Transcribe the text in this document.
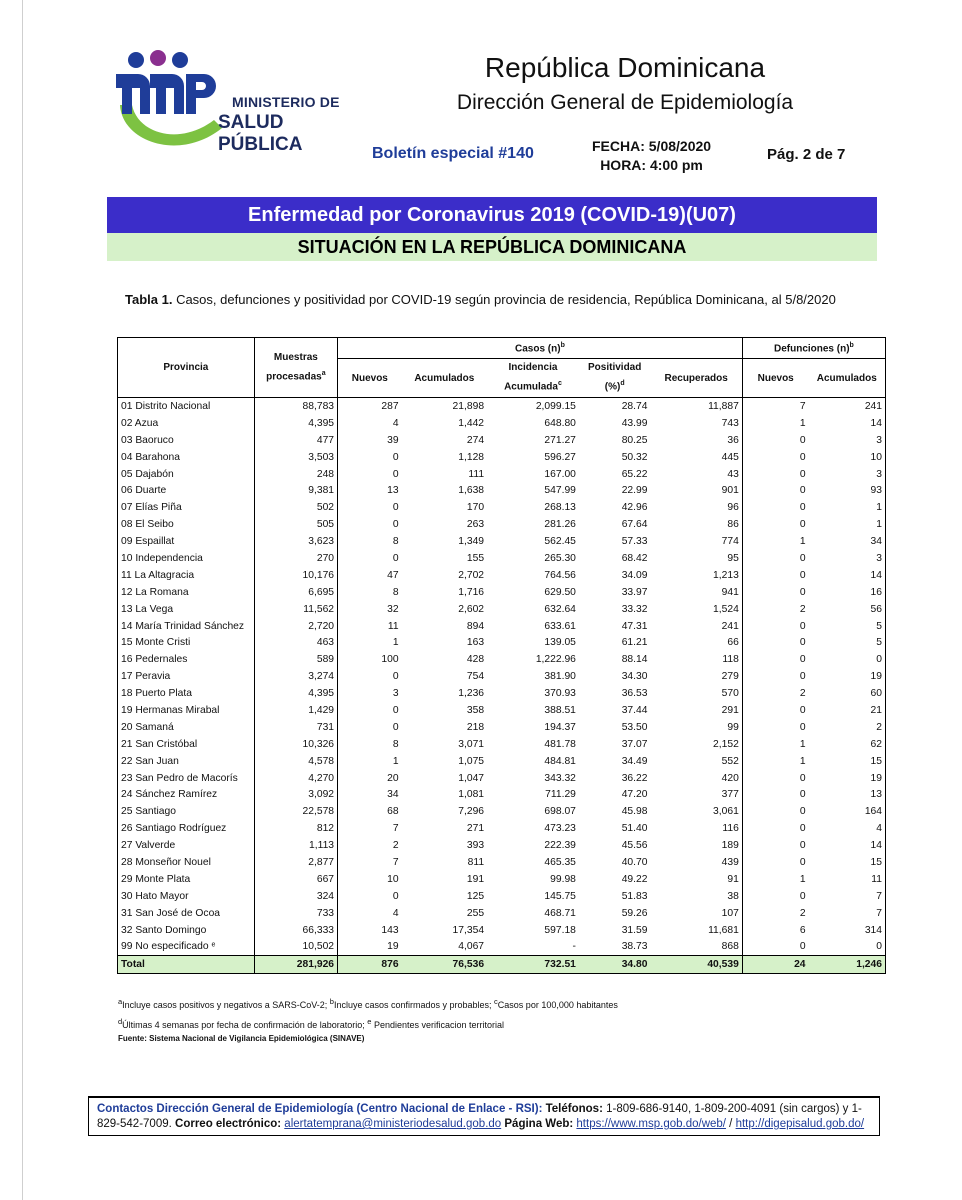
MINISTERIO DE
SALUD PÚBLICA
República Dominicana
Dirección General de Epidemiología
Boletín especial #140	FECHA: 5/08/2020
HORA: 4:00 pm
Pág. 2 de 7
Enfermedad por Coronavirus 2019 (COVID-19)(U07)
SITUACIÓN EN LA REPÚBLICA DOMINICANA
Tabla 1. Casos, defunciones y positividad por COVID-19 según provincia de residencia, República Dominicana, al 5/8/2020
Provincia	Muestras procesadas$^a$	Casos $(n)^b$					Defunciones $(n)^b$
		Nuevos	Acumulados	Incidencia Acumulada$^c$	Positividad (%)$^d$	Recuperados	Nuevos	Acumulados
01 Distrito Nacional	88,783	287	21,898	2,099.15	28.74	11,887	7	241
02 Azua	4,395	4	1,442	648.80	43.99	743	1	14
03 Baoruco	477	39	274	271.27	80.25	36	0	3
04 Barahona	3,503	0	1,128	596.27	50.32	445	0	10
05 Dajabón	248	0	111	167.00	65.22	43	0	3
06 Duarte	9,381	13	1,638	547.99	22.99	901	0	93
07 Elías Piña	502	0	170	268.13	42.96	96	0	1
08 El Seibo	505	0	263	281.26	67.64	86	0	1
09 Espaillat	3,623	8	1,349	562.45	57.33	774	1	34
10 Independencia	270	0	155	265.30	68.42	95	0	3
11 La Altagracia	10,176	47	2,702	764.56	34.09	1,213	0	14
12 La Romana	6,695	8	1,716	629.50	33.97	941	0	16
13 La Vega	11,562	32	2,602	632.64	33.32	1,524	2	56
14 María Trinidad Sánchez	2,720	11	894	633.61	47.31	241	0	5
15 Monte Cristi	463	1	163	139.05	61.21	66	0	5
16 Pedernales	589	100	428	1,222.96	88.14	118	0	0
17 Peravia	3,274	0	754	381.90	34.30	279	0	19
18 Puerto Plata	4,395	3	1,236	370.93	36.53	570	2	60
19 Hermanas Mirabal	1,429	0	358	388.51	37.44	291	0	21
20 Samaná	731	0	218	194.37	53.50	99	0	2
21 San Cristóbal	10,326	8	3,071	481.78	37.07	2,152	1	62
22 San Juan	4,578	1	1,075	484.81	34.49	552	1	15
23 San Pedro de Macorís	4,270	20	1,047	343.32	36.22	420	0	19
24 Sánchez Ramírez	3,092	34	1,081	711.29	47.20	377	0	13
25 Santiago	22,578	68	7,296	698.07	45.98	3,061	0	164
26 Santiago Rodríguez	812	7	271	473.23	51.40	116	0	4
27 Valverde	1,113	2	393	222.39	45.56	189	0	14
28 Monseñor Nouel	2,877	7	811	465.35	40.70	439	0	15
29 Monte Plata	667	10	191	99.98	49.22	91	1	11
30 Hato Mayor	324	0	125	145.75	51.83	38	0	7
31 San José de Ocoa	733	4	255	468.71	59.26	107	2	7
32 Santo Domingo	66,333	143	17,354	597.18	31.59	11,681	6	314
99 No especificado ᵉ	10,502	19	4,067	-	38.73	868	0	0
Total	281,926	876	76,536	732.51	34.80	40,539	24	1,246
$^a$Incluye casos positivos y negativos a SARS-CoV-2; $^b$Incluye casos confirmados y probables; $^c$Casos por 100,000 habitantes
$^d$Últimas 4 semanas por fecha de confirmación de laboratorio; $^e$ Pendientes verificacion territorial
Fuente: Sistema Nacional de Vigilancia Epidemiológica (SINAVE)
Contactos Dirección General de Epidemiología (Centro Nacional de Enlace - RSI): Teléfonos: 1-809-686-9140, 1-809-200-4091 (sin cargos) y 1-829-542-7009. Correo electrónico: alertatemprana@ministeriodesalud.gob.do Página Web: https://www.msp.gob.do/web/ / http://digepisalud.gob.do/
